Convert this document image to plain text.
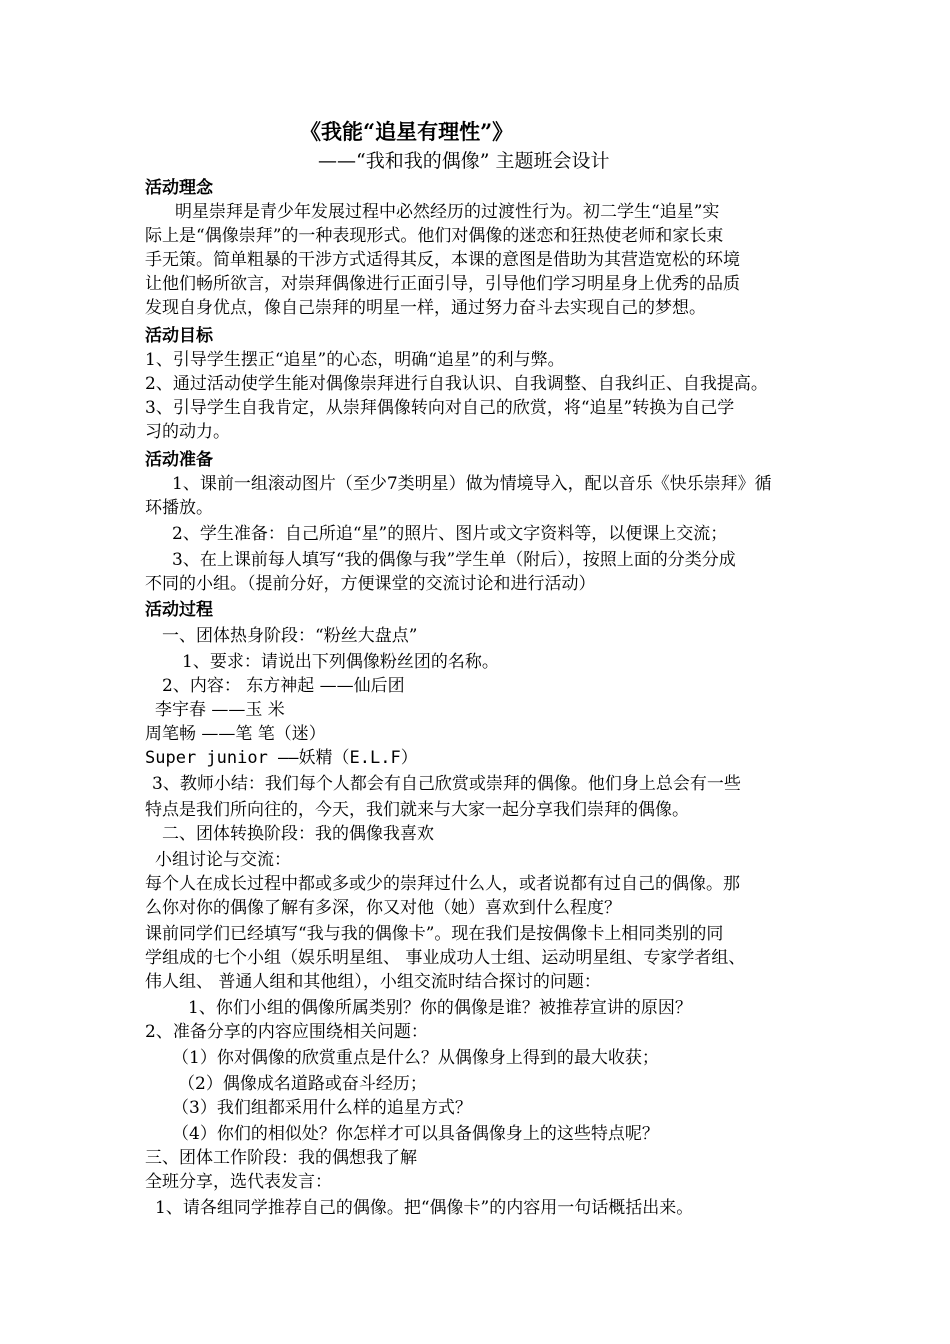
《我能“追星有理性”》
——“我和我的偶像” 主题班会设计
活动理念
明星崇拜是青少年发展过程中必然经历的过渡性行为。初二学生“追星”实
际上是“偶像崇拜”的一种表现形式。他们对偶像的迷恋和狂热使老师和家长束
手无策。简单粗暴的干涉方式适得其反，本课的意图是借助为其营造宽松的环境
让他们畅所欲言，对崇拜偶像进行正面引导，引导他们学习明星身上优秀的品质
发现自身优点，像自己崇拜的明星一样，通过努力奋斗去实现自己的梦想。
活动目标
1、引导学生摆正“追星”的心态，明确“追星”的利与弊。
2、通过活动使学生能对偶像崇拜进行自我认识、自我调整、自我纠正、自我提高。
3、引导学生自我肯定，从崇拜偶像转向对自己的欣赏，将“追星”转换为自己学
习的动力。
活动准备
1、课前一组滚动图片（至少7类明星）做为情境导入，配以音乐《快乐崇拜》循
环播放。
2、学生准备：自己所追“星”的照片、图片或文字资料等，以便课上交流；
3、在上课前每人填写“我的偶像与我”学生单（附后），按照上面的分类分成
不同的小组。（提前分好，方便课堂的交流讨论和进行活动）
活动过程
一、团体热身阶段：“粉丝大盘点”
1、要求：请说出下列偶像粉丝团的名称。
2、内容： 东方神起 ——仙后团
李宇春 ——玉 米
周笔畅 ——笔 笔（迷）
Super junior ——妖精（E.L.F）
3、教师小结：我们每个人都会有自己欣赏或崇拜的偶像。他们身上总会有一些
特点是我们所向往的，今天，我们就来与大家一起分享我们崇拜的偶像。
二、团体转换阶段：我的偶像我喜欢
小组讨论与交流：
每个人在成长过程中都或多或少的崇拜过什么人，或者说都有过自己的偶像。那
么你对你的偶像了解有多深，你又对他（她）喜欢到什么程度？
课前同学们已经填写“我与我的偶像卡”。现在我们是按偶像卡上相同类别的同
学组成的七个小组（娱乐明星组、 事业成功人士组、运动明星组、专家学者组、
伟人组、 普通人组和其他组），小组交流时结合探讨的问题：
1、你们小组的偶像所属类别？你的偶像是谁？被推荐宣讲的原因？
2、准备分享的内容应围绕相关问题：
（1）你对偶像的欣赏重点是什么？从偶像身上得到的最大收获；
（2）偶像成名道路或奋斗经历；
（3）我们组都采用什么样的追星方式？
（4）你们的相似处？你怎样才可以具备偶像身上的这些特点呢？
三、团体工作阶段：我的偶想我了解
全班分享，选代表发言：
1、请各组同学推荐自己的偶像。把“偶像卡”的内容用一句话概括出来。
